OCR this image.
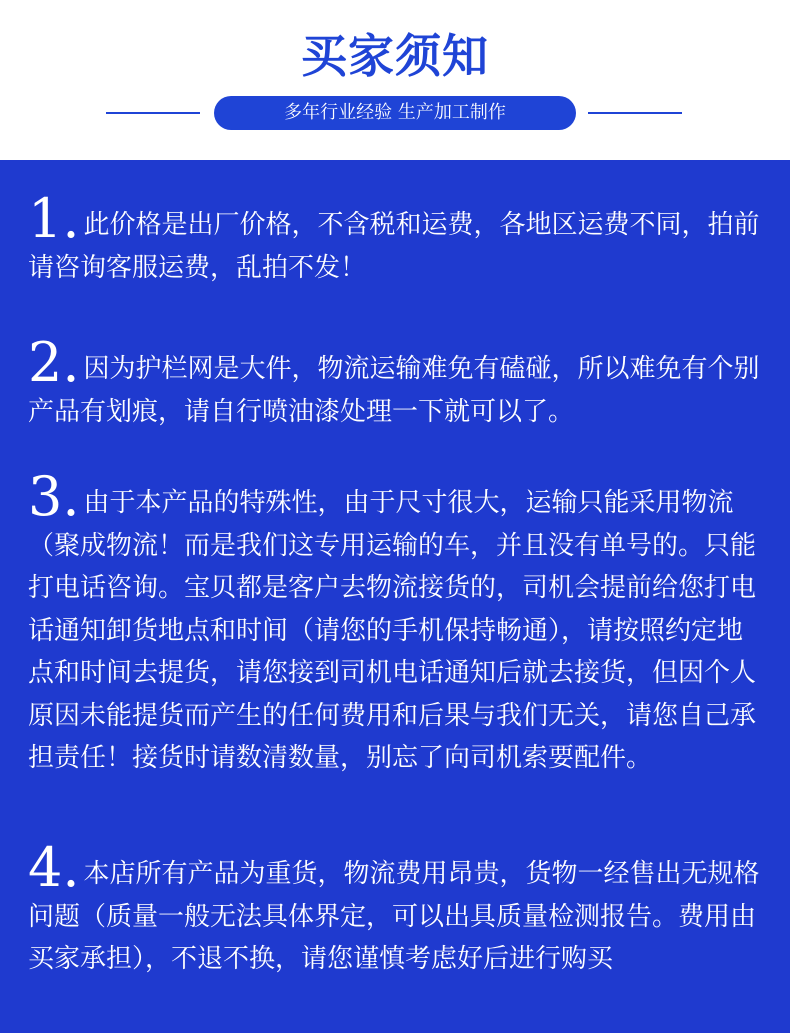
买家须知
多年行业经验 生产加工制作
1. 此价格是出厂价格，不含税和运费，各地区运费不同，拍前请咨询客服运费，乱拍不发！
2. 因为护栏网是大件，物流运输难免有磕碰，所以难免有个别产品有划痕，请自行喷油漆处理一下就可以了。
3. 由于本产品的特殊性，由于尺寸很大，运输只能采用物流（聚成物流！而是我们这专用运输的车，并且没有单号的。只能打电话咨询。宝贝都是客户去物流接货的，司机会提前给您打电话通知卸货地点和时间（请您的手机保持畅通），请按照约定地点和时间去提货，请您接到司机电话通知后就去接货，但因个人原因未能提货而产生的任何费用和后果与我们无关，请您自己承担责任！接货时请数清数量，别忘了向司机索要配件。
4. 本店所有产品为重货，物流费用昂贵，货物一经售出无规格问题（质量一般无法具体界定，可以出具质量检测报告。费用由买家承担），不退不换，请您谨慎考虑好后进行购买
